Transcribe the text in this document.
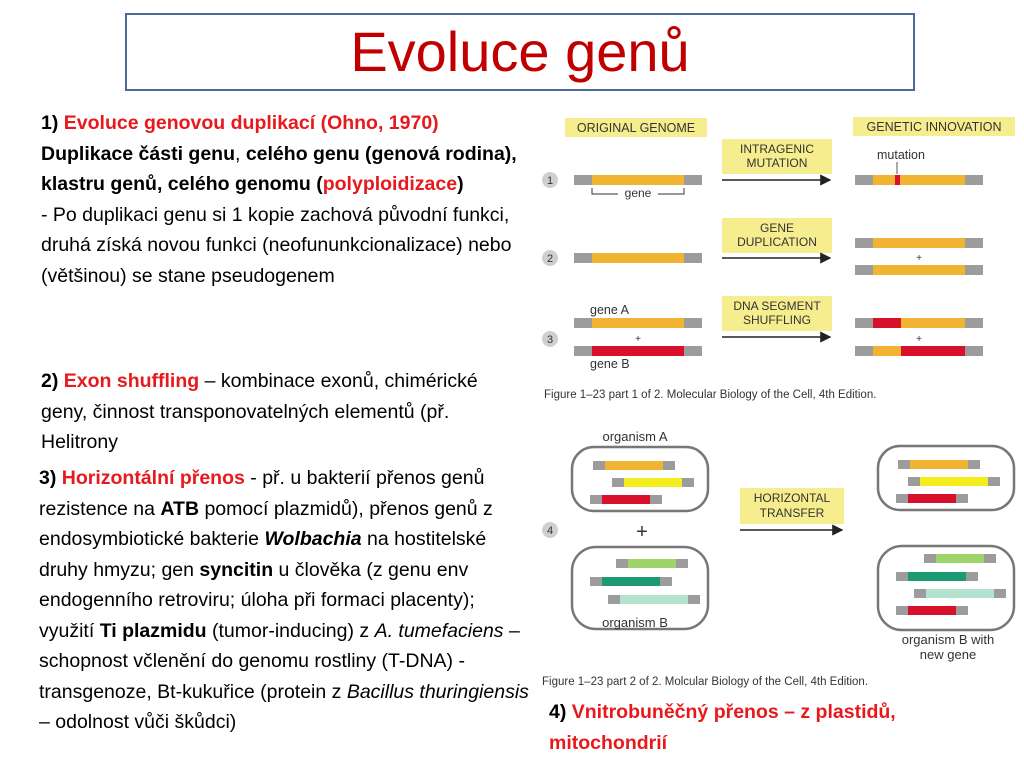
Evoluce genů
1) Evoluce genovou duplikací (Ohno, 1970)
Duplikace části genu, celého genu (genová rodina), klastru genů, celého genomu (polyploidizace)
- Po duplikaci genu si 1 kopie zachová původní funkci, druhá získá novou funkci (neofununkcionalizace) nebo (většinou) se stane pseudogenem
2) Exon shuffling – kombinace exonů, chimérické geny, činnost transponovatelných elementů (př. Helitrony
3) Horizontální přenos - př. u bakterií přenos genů rezistence na ATB pomocí plazmidů), přenos genů z endosymbiotické bakterie Wolbachia na hostitelské druhy hmyzu; gen syncitin u člověka (z genu env endogenního retroviru; úloha při formaci placenty); využití Ti plazmidu (tumor-inducing) z A. tumefaciens – schopnost včlenění do genomu rostliny (T-DNA) - transgenoze, Bt-kukuřice (protein z Bacillus thuringiensis – odolnost vůči škůdci)	4) Vnitrobuněčný přenos – z plastidů, mitochondrií
ORIGINAL GENOME	GENETIC INNOVATION
INTRAGENIC
MUTATION
GENE
DUPLICATION
DNA SEGMENT
SHUFFLING
1
2
3
4
gene
mutation
+
gene A
+
gene B
+
Figure 1–23 part 1 of 2. Molecular Biology of the Cell, 4th Edition.
organism A
+
organism B
HORIZONTAL
TRANSFER
organism B with
new gene
Figure 1–23 part 2 of 2. Molcular Biology of the Cell, 4th Edition.
